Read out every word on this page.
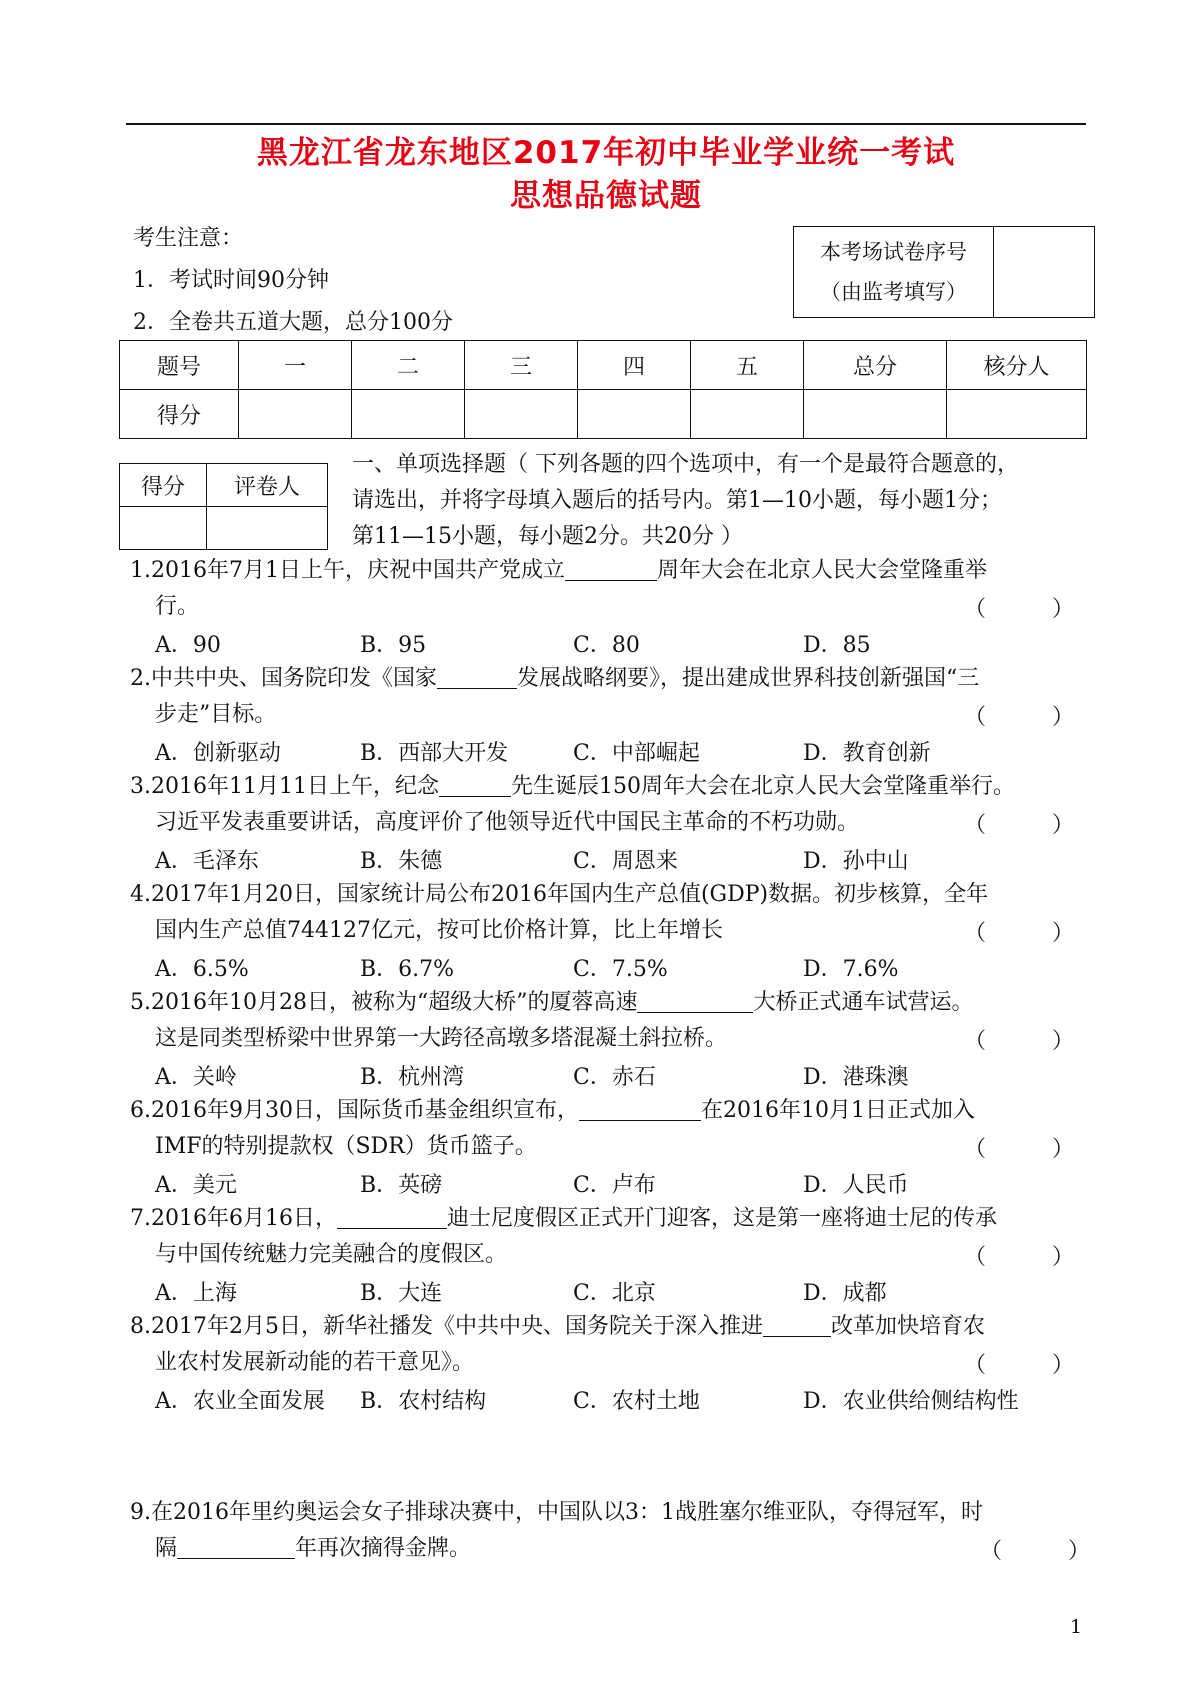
黑龙江省龙东地区2017年初中毕业学业统一考试
思想品德试题
考生注意：
1．考试时间90分钟
2．全卷共五道大题，总分100分
本考场试卷序号
（由监考填写）

题号	一	二	三	四	五	总分	核分人
得分							
得分	评卷人

一、单项选择题（ 下列各题的四个选项中，有一个是最符合题意的，
请选出，并将字母填入题后的括号内。第1—10小题，每小题1分；
第11—15小题，每小题2分。共20分 ）
1.2016年7月1日上午，庆祝中国共产党成立	周年大会在北京人民大会堂隆重举
行。	（　　　）
A．90	B．95	C．80	D．85
2.中共中央、国务院印发《国家	发展战略纲要》，提出建成世界科技创新强国“三
步走”目标。	（　　　）
A．创新驱动	B．西部大开发	C．中部崛起	D．教育创新
3.2016年11月11日上午，纪念	先生诞辰150周年大会在北京人民大会堂隆重举行。
习近平发表重要讲话，高度评价了他领导近代中国民主革命的不朽功勋。	（　　　）
A．毛泽东	B．朱德	C．周恩来	D．孙中山
4.2017年1月20日，国家统计局公布2016年国内生产总值(GDP)数据。初步核算，全年
国内生产总值744127亿元，按可比价格计算，比上年增长	（　　　）
A．6.5%	B．6.7%	C．7.5%	D．7.6%
5.2016年10月28日，被称为“超级大桥”的厦蓉高速	大桥正式通车试营运。
这是同类型桥梁中世界第一大跨径高墩多塔混凝土斜拉桥。	（　　　）
A．关岭	B．杭州湾	C．赤石	D．港珠澳
6.2016年9月30日，国际货币基金组织宣布，	在2016年10月1日正式加入
IMF的特别提款权（SDR）货币篮子。	（　　　）
A．美元	B．英磅	C．卢布	D．人民币
7.2016年6月16日，	迪士尼度假区正式开门迎客，这是第一座将迪士尼的传承
与中国传统魅力完美融合的度假区。	（　　　）
A．上海	B．大连	C．北京	D．成都
8.2017年2月5日，新华社播发《中共中央、国务院关于深入推进	改革加快培育农
业农村发展新动能的若干意见》。	（　　　）
A．农业全面发展 B．农村结构	C．农村土地	D．农业供给侧结构性
9.在2016年里约奥运会女子排球决赛中，中国队以3：1战胜塞尔维亚队，夺得冠军，时
隔	年再次摘得金牌。	（　　　）
1
